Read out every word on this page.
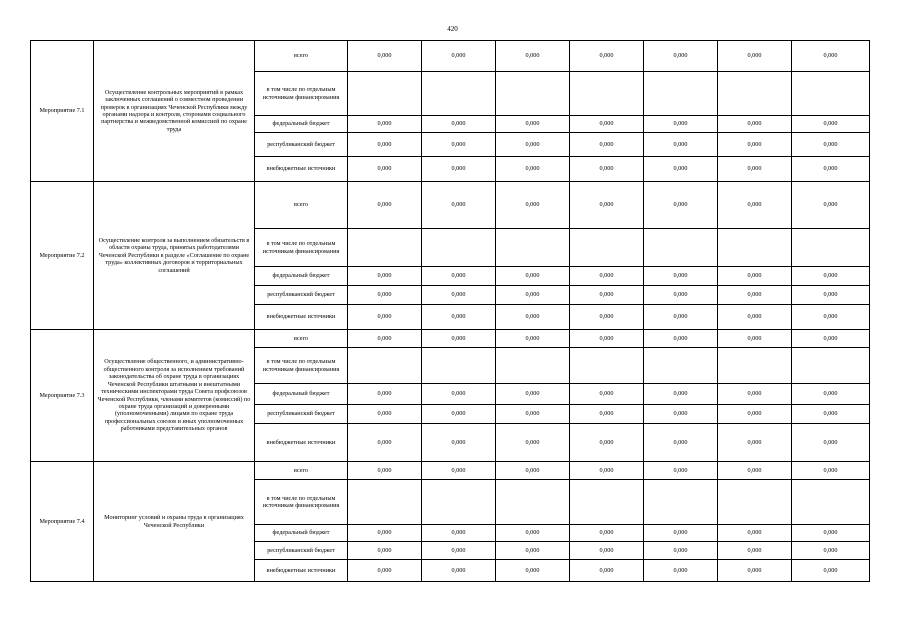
420
Мероприятие 7.1	Осуществление контрольных мероприятий в рамках заключенных соглашений о совместном проведении проверок в организациях Чеченской Республики между органами надзора и контроля, сторонами социального партнерства и межведомственной комиссией по охране труда	всего	0,000	0,000	0,000	0,000	0,000	0,000	0,000
		в том числе по отдельным источникам финансирования							
		федеральный бюджет	0,000	0,000	0,000	0,000	0,000	0,000	0,000
		республиканский бюджет	0,000	0,000	0,000	0,000	0,000	0,000	0,000
		внебюджетные источники	0,000	0,000	0,000	0,000	0,000	0,000	0,000
Мероприятие 7.2	Осуществление контроля за выполнением обязательств в области охраны труда, принятых работодателями Чеченской Республики в разделе «Соглашение по охране труда» коллективных договоров и территориальных соглашений	всего	0,000	0,000	0,000	0,000	0,000	0,000	0,000
		в том числе по отдельным источникам финансирования							
		федеральный бюджет	0,000	0,000	0,000	0,000	0,000	0,000	0,000
		республиканский бюджет	0,000	0,000	0,000	0,000	0,000	0,000	0,000
		внебюджетные источники	0,000	0,000	0,000	0,000	0,000	0,000	0,000
Мероприятие 7.3	Осуществление общественного, и административно-общественного контроля за исполнением требований законодательства об охране труда в организациях Чеченской Республики штатными и внештатными техническими инспекторами труда Совета профсоюзов Чеченской Республики, членами комитетов (комиссий) по охране труда организаций и доверенными (уполномоченными) лицами по охране труда профессиональных союзов и иных уполномоченных работниками представительных органов	всего	0,000	0,000	0,000	0,000	0,000	0,000	0,000
		в том числе по отдельным источникам финансирования							
		федеральный бюджет	0,000	0,000	0,000	0,000	0,000	0,000	0,000
		республиканский бюджет	0,000	0,000	0,000	0,000	0,000	0,000	0,000
		внебюджетные источники	0,000	0,000	0,000	0,000	0,000	0,000	0,000
Мероприятие 7.4	Мониторинг условий и охраны труда в организациях Чеченской Республики	всего	0,000	0,000	0,000	0,000	0,000	0,000	0,000
		в том числе по отдельным источникам финансирования							
		федеральный бюджет	0,000	0,000	0,000	0,000	0,000	0,000	0,000
		республиканский бюджет	0,000	0,000	0,000	0,000	0,000	0,000	0,000
		внебюджетные источники	0,000	0,000	0,000	0,000	0,000	0,000	0,000
